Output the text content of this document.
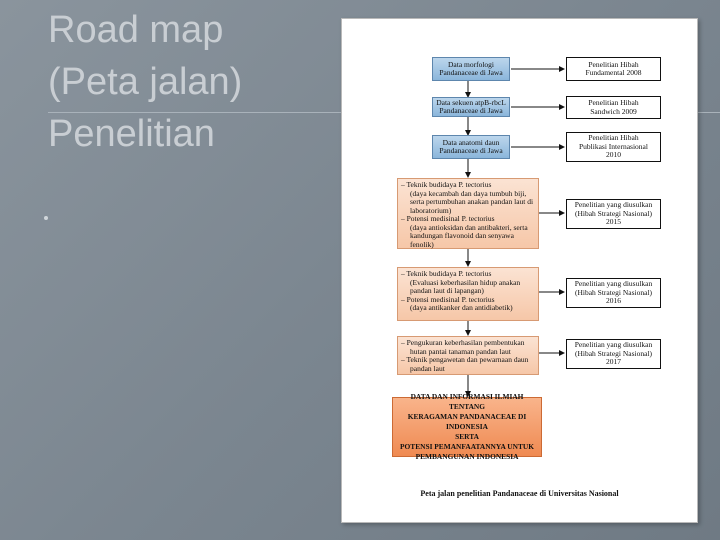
Road map
(Peta jalan)
Penelitian
Data morfologi
Pandanaceae di Jawa
Data sekuen atpB-rbcL
Pandanaceae di Jawa
Data anatomi daun
Pandanaceae di Jawa
– Teknik budidaya P. tectorius
(daya kecambah dan daya tumbuh biji,
serta pertumbuhan anakan pandan laut di
laboratorium)
– Potensi medisinal P. tectorius
(daya antioksidan dan antibakteri, serta
kandungan flavonoid dan senyawa fenolik)
– Teknik budidaya P. tectorius
(Evaluasi keberhasilan hidup anakan
pandan laut di lapangan)
– Potensi medisinal P. tectorius
(daya antikanker dan antidiabetik)
– Pengukuran keberhasilan pembentukan
hutan pantai tanaman pandan laut
– Teknik pengawetan dan pewarnaan daun
pandan laut
DATA DAN INFORMASI ILMIAH TENTANG
KERAGAMAN PANDANACEAE DI INDONESIA
SERTA
POTENSI PEMANFAATANNYA UNTUK
PEMBANGUNAN INDONESIA
Penelitian Hibah
Fundamental 2008
Penelitian Hibah
Sandwich 2009
Penelitian Hibah
Publikasi Internasional
2010
Penelitian yang diusulkan
(Hibah Strategi Nasional)
2015
Penelitian yang diusulkan
(Hibah Strategi Nasional)
2016
Penelitian yang diusulkan
(Hibah Strategi Nasional)
2017
Peta jalan penelitian Pandanaceae di Universitas Nasional
